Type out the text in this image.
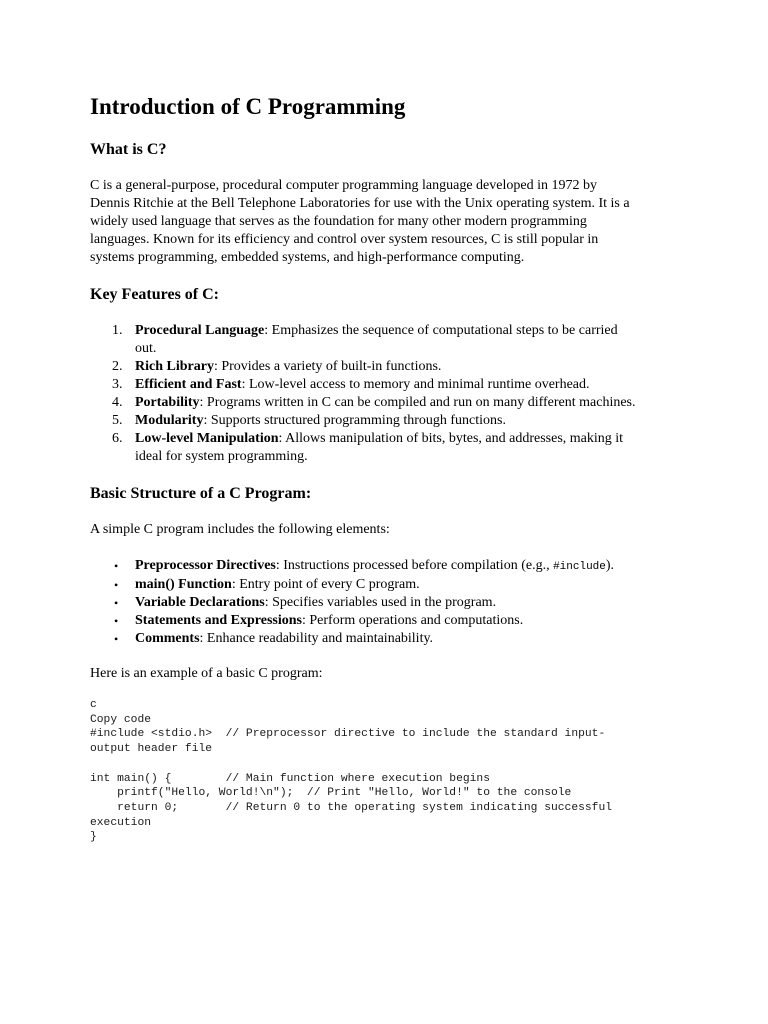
Introduction of C Programming
What is C?

C is a general-purpose, procedural computer programming language developed in 1972 by
Dennis Ritchie at the Bell Telephone Laboratories for use with the Unix operating system. It is a
widely used language that serves as the foundation for many other modern programming
languages. Known for its efficiency and control over system resources, C is still popular in
systems programming, embedded systems, and high-performance computing.

Key Features of C:
1. Procedural Language: Emphasizes the sequence of computational steps to be carried
out.
2. Rich Library: Provides a variety of built-in functions.
3. Efficient and Fast: Low-level access to memory and minimal runtime overhead.
4. Portability: Programs written in C can be compiled and run on many different machines.
5. Modularity: Supports structured programming through functions.
6. Low-level Manipulation: Allows manipulation of bits, bytes, and addresses, making it
ideal for system programming.
Basic Structure of a C Program:

A simple C program includes the following elements:

• Preprocessor Directives: Instructions processed before compilation (e.g., #include).
• main() Function: Entry point of every C program.
• Variable Declarations: Specifies variables used in the program.
• Statements and Expressions: Perform operations and computations.
• Comments: Enhance readability and maintainability.

Here is an example of a basic C program:

c
Copy code
#include <stdio.h>  // Preprocessor directive to include the standard input-
output header file
int main() {        // Main function where execution begins
printf("Hello, World!\n");  // Print "Hello, World!" to the console
return 0;       // Return 0 to the operating system indicating successful
execution
}
